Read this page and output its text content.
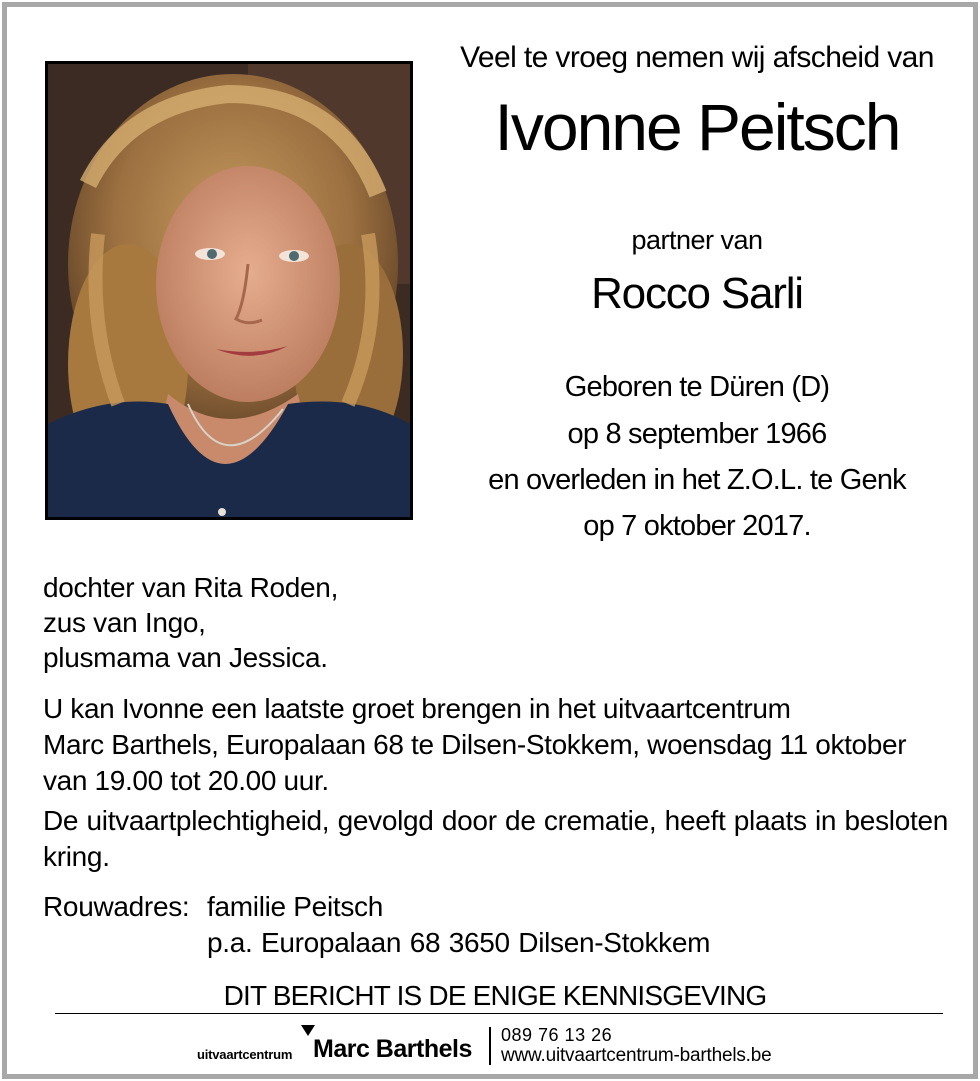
Veel te vroeg nemen wij afscheid van
Ivonne Peitsch
partner van
Rocco Sarli
Geboren te Düren (D)
op 8 september 1966
en overleden in het Z.O.L. te Genk
op 7 oktober 2017.
dochter van Rita Roden,
zus van Ingo,
plusmama van Jessica.
U kan Ivonne een laatste groet brengen in het uitvaartcentrum
Marc Barthels, Europalaan 68 te Dilsen-Stokkem, woensdag 11 oktober
van 19.00 tot 20.00 uur.
De uitvaartplechtigheid, gevolgd door de crematie, heeft plaats in besloten kring.
Rouwadres: familie Peitsch
p.a. Europalaan 68 3650 Dilsen-Stokkem
DIT BERICHT IS DE ENIGE KENNISGEVING
uitvaartcentrum Marc Barthels 089 76 13 26
www.uitvaartcentrum-barthels.be
